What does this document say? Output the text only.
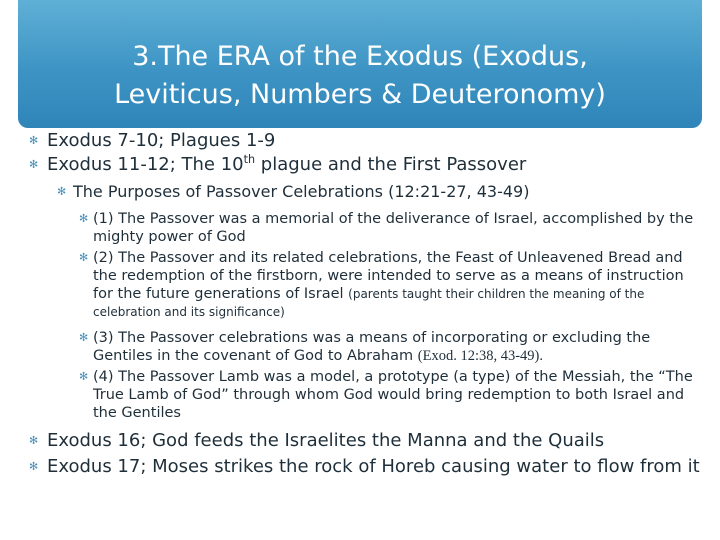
3.The ERA of the Exodus (Exodus,
Leviticus, Numbers & Deuteronomy)
✻ Exodus 7-10; Plagues 1-9
✻ Exodus 11-12; The 10th plague and the First Passover
✻ The Purposes of Passover Celebrations (12:21-27, 43-49)
✻ (1) The Passover was a memorial of the deliverance of Israel, accomplished by the mighty power of God
✻ (2) The Passover and its related celebrations, the Feast of Unleavened Bread and the redemption of the firstborn, were intended to serve as a means of instruction for the future generations of Israel (parents taught their children the meaning of the celebration and its significance)
✻ (3) The Passover celebrations was a means of incorporating or excluding the Gentiles in the covenant of God to Abraham (Exod. 12:38, 43-49).
✻ (4) The Passover Lamb was a model, a prototype (a type) of the Messiah, the “The True Lamb of God” through whom God would bring redemption to both Israel and the Gentiles
✻ Exodus 16; God feeds the Israelites the Manna and the Quails
✻ Exodus 17; Moses strikes the rock of Horeb causing water to flow from it
